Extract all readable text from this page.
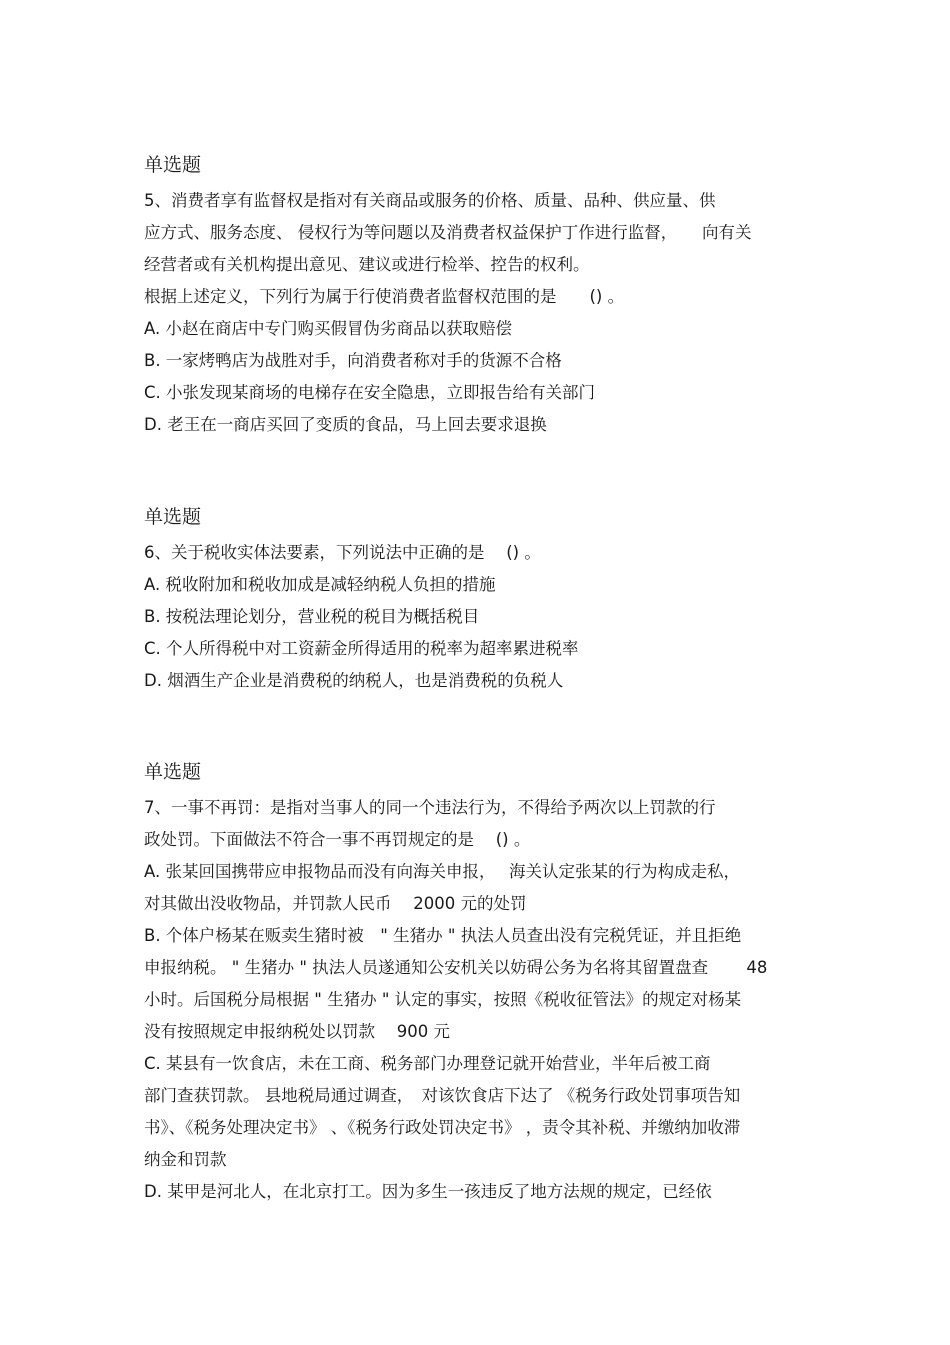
单选题
5、消费者享有监督权是指对有关商品或服务的价格、质量、品种、供应量、供
应方式、服务态度、 侵权行为等问题以及消费者权益保护丁作进行监督，　　向有关
经营者或有关机构提出意见、建议或进行检举、控告的权利。
根据上述定义，下列行为属于行使消费者监督权范围的是　　() 。
A. 小赵在商店中专门购买假冒伪劣商品以获取赔偿
B. 一家烤鸭店为战胜对手，向消费者称对手的货源不合格
C. 小张发现某商场的电梯存在安全隐患，立即报告给有关部门
D. 老王在一商店买回了变质的食品，马上回去要求退换
单选题
6、关于税收实体法要素，下列说法中正确的是　 () 。
A. 税收附加和税收加成是减轻纳税人负担的措施
B. 按税法理论划分，营业税的税目为概括税目
C. 个人所得税中对工资薪金所得适用的税率为超率累进税率
D. 烟酒生产企业是消费税的纳税人，也是消费税的负税人
单选题
7、一事不再罚：是指对当事人的同一个违法行为，不得给予两次以上罚款的行
政处罚。下面做法不符合一事不再罚规定的是　 () 。
A. 张某回国携带应申报物品而没有向海关申报，　 海关认定张某的行为构成走私，
对其做出没收物品，并罚款人民币　 2000 元的处罚
B. 个体户杨某在贩卖生猪时被　" 生猪办 " 执法人员查出没有完税凭证，并且拒绝
申报纳税。 " 生猪办 " 执法人员遂通知公安机关以妨碍公务为名将其留置盘查　　 48
小时。后国税分局根据 " 生猪办 " 认定的事实，按照《税收征管法》的规定对杨某
没有按照规定申报纳税处以罚款　 900 元
C. 某县有一饮食店，未在工商、税务部门办理登记就开始营业，半年后被工商
部门查获罚款。 县地税局通过调查，　对该饮食店下达了 《税务行政处罚事项告知
书》、《税务处理决定书》 、《税务行政处罚决定书》 ，责令其补税、并缴纳加收滞
纳金和罚款
D. 某甲是河北人，在北京打工。因为多生一孩违反了地方法规的规定，已经依
